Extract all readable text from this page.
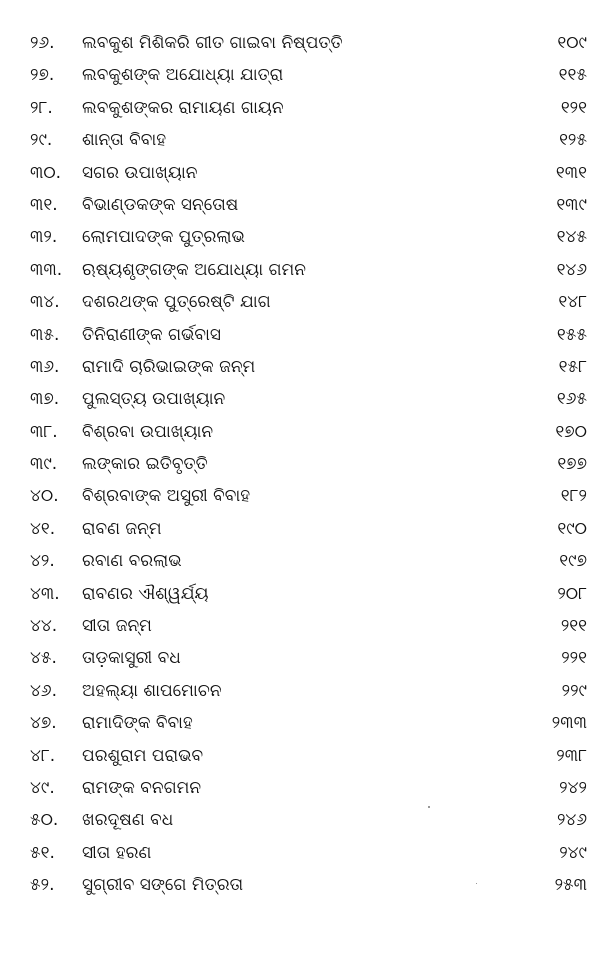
୨୬.	ଲବକୁଶ ମିଶିକରି ଗୀତ ଗାଇବା ନିଷ୍ପତ୍ତି	୧୦୯
୨୭.	ଲବକୁଶଙ୍କ ଅଯୋଧ୍ୟା ଯାତ୍ରା	୧୧୫
୨୮.	ଲବକୁଶଙ୍କର ରାମାୟଣ ଗାୟନ	୧୨୧
୨୯.	ଶାନ୍ତା ବିବାହ	୧୨୫
୩୦.	ସଗର ଉପାଖ୍ୟାନ	୧୩୧
୩୧.	ବିଭାଣ୍ଡକଙ୍କ ସନ୍ତୋଷ	୧୩୯
୩୨.	ଲୋମପାଦଙ୍କ ପୁତ୍ରଲାଭ	୧୪୫
୩୩.	ଋଷ୍ୟଶୃଙ୍ଗଙ୍କ ଅଯୋଧ୍ୟା ଗମନ	୧୪୬
୩୪.	ଦଶରଥଙ୍କ ପୁତ୍ରେଷ୍ଟି ଯାଗ	୧୪୮
୩୫.	ତିନିରାଣୀଙ୍କ ଗର୍ଭବାସ	୧୫୫
୩୬.	ରାମାଦି ଚାରିଭାଇଙ୍କ ଜନ୍ମ	୧୫୮
୩୭.	ପୁଲସ୍ତ୍ୟ ଉପାଖ୍ୟାନ	୧୬୫
୩୮.	ବିଶ୍ରବା ଉପାଖ୍ୟାନ	୧୭୦
୩୯.	ଲଙ୍କାର ଇତିବୃତ୍ତି	୧୭୭
୪୦.	ବିଶ୍ରବାଙ୍କ ଅସୁରୀ ବିବାହ	୧୮୨
୪୧.	ରାବଣ ଜନ୍ମ	୧୯୦
୪୨.	ରବାଣ ବରଲାଭ	୧୯୭
୪୩.	ରାବଣର ଐଶ୍ୱର୍ଯ୍ୟ	୨୦୮
୪୪.	ସୀତା ଜନ୍ମ	୨୧୧
୪୫.	ତାଡ଼କାସୁରୀ ବଧ	୨୨୧
୪୬.	ଅହଲ୍ୟା ଶାପମୋଚନ	୨୨୯
୪୭.	ରାମାଦିଙ୍କ ବିବାହ	୨୩୩
୪୮.	ପରଶୁରାମ ପରାଭବ	୨୩୮
୪୯.	ରାମଙ୍କ ବନଗମନ	୨୪୨
୫୦.	ଖରଦୂଷଣ ବଧ	୨୪୬
୫୧.	ସୀତା ହରଣ	୨୪୯
୫୨.	ସୁଗ୍ରୀବ ସଙ୍ଗେ ମିତ୍ରତା	୨୫୩
